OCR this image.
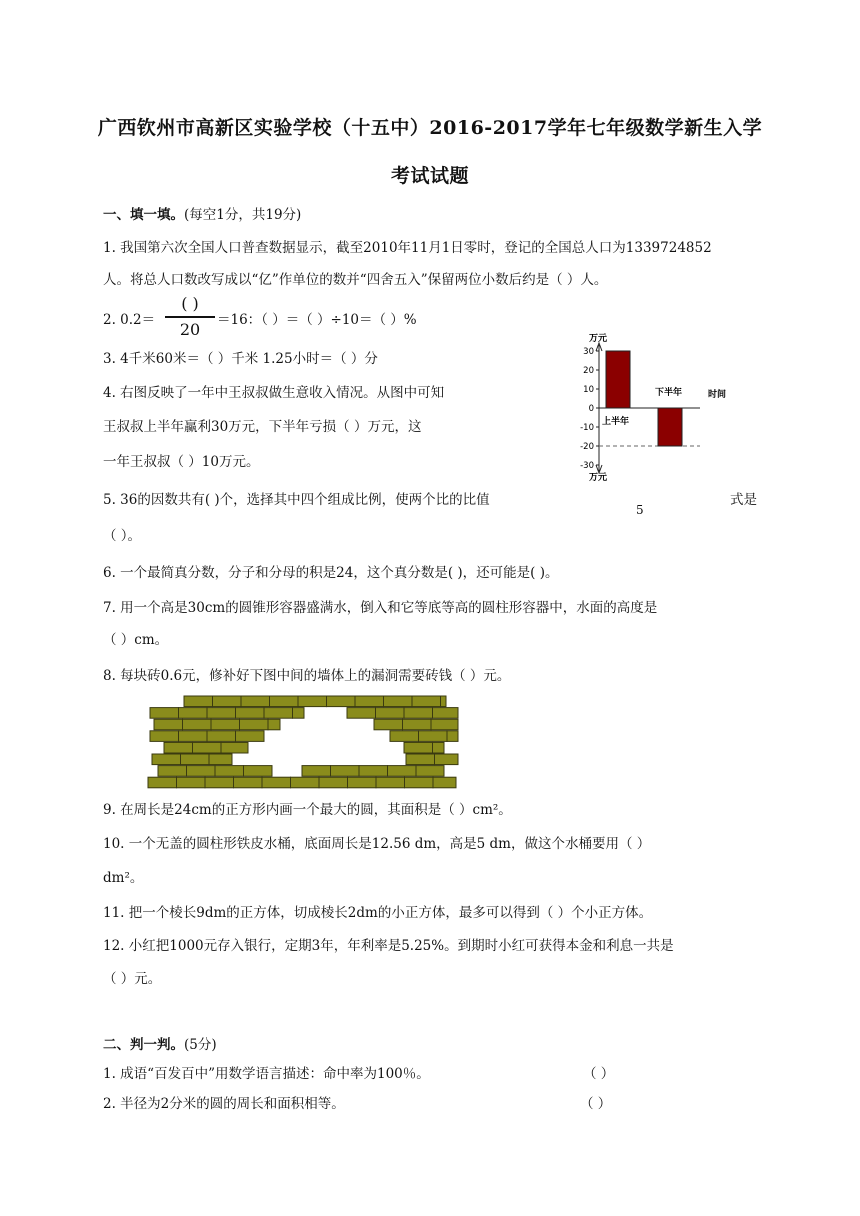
广西钦州市高新区实验学校（十五中）2016-2017学年七年级数学新生入学
考试试题
一、填一填。(每空1分，共19分)
1. 我国第六次全国人口普查数据显示，截至2010年11月1日零时，登记的全国总人口为1339724852
人。将总人口数改写成以“亿”作单位的数并“四舍五入”保留两位小数后约是（ ）人。
2. 0.2＝
( )
20	＝16：（ ）＝（ ）÷10＝（ ）%
3. 4千米60米＝（ ）千米 1.25小时＝（ ）分
4. 右图反映了一年中王叔叔做生意收入情况。从图中可知
王叔叔上半年赢利30万元，下半年亏损（ ）万元，这
一年王叔叔（ ）10万元。
5. 36的因数共有( )个，选择其中四个组成比例，使两个比的比值	式是
5
（ ）。
6. 一个最简真分数，分子和分母的积是24，这个真分数是( )，还可能是( )。
7. 用一个高是30cm的圆锥形容器盛满水，倒入和它等底等高的圆柱形容器中，水面的高度是
（ ）cm。
8. 每块砖0.6元，修补好下图中间的墙体上的漏洞需要砖钱（ ）元。
9. 在周长是24cm的正方形内画一个最大的圆，其面积是（ ）cm²。
10. 一个无盖的圆柱形铁皮水桶，底面周长是12.56 dm，高是5 dm，做这个水桶要用（ ）
dm²。
11. 把一个棱长9dm的正方体，切成棱长2dm的小正方体，最多可以得到（ ）个小正方体。
12. 小红把1000元存入银行，定期3年，年利率是5.25%。到期时小红可获得本金和利息一共是
（ ）元。
二、判一判。(5分)
1. 成语“百发百中”用数学语言描述：命中率为100％。	（ ）
2. 半径为2分米的圆的周长和面积相等。	（ ）
万元
万元
时间
30
20
10
0
-10
-20
-30
上半年
下半年
